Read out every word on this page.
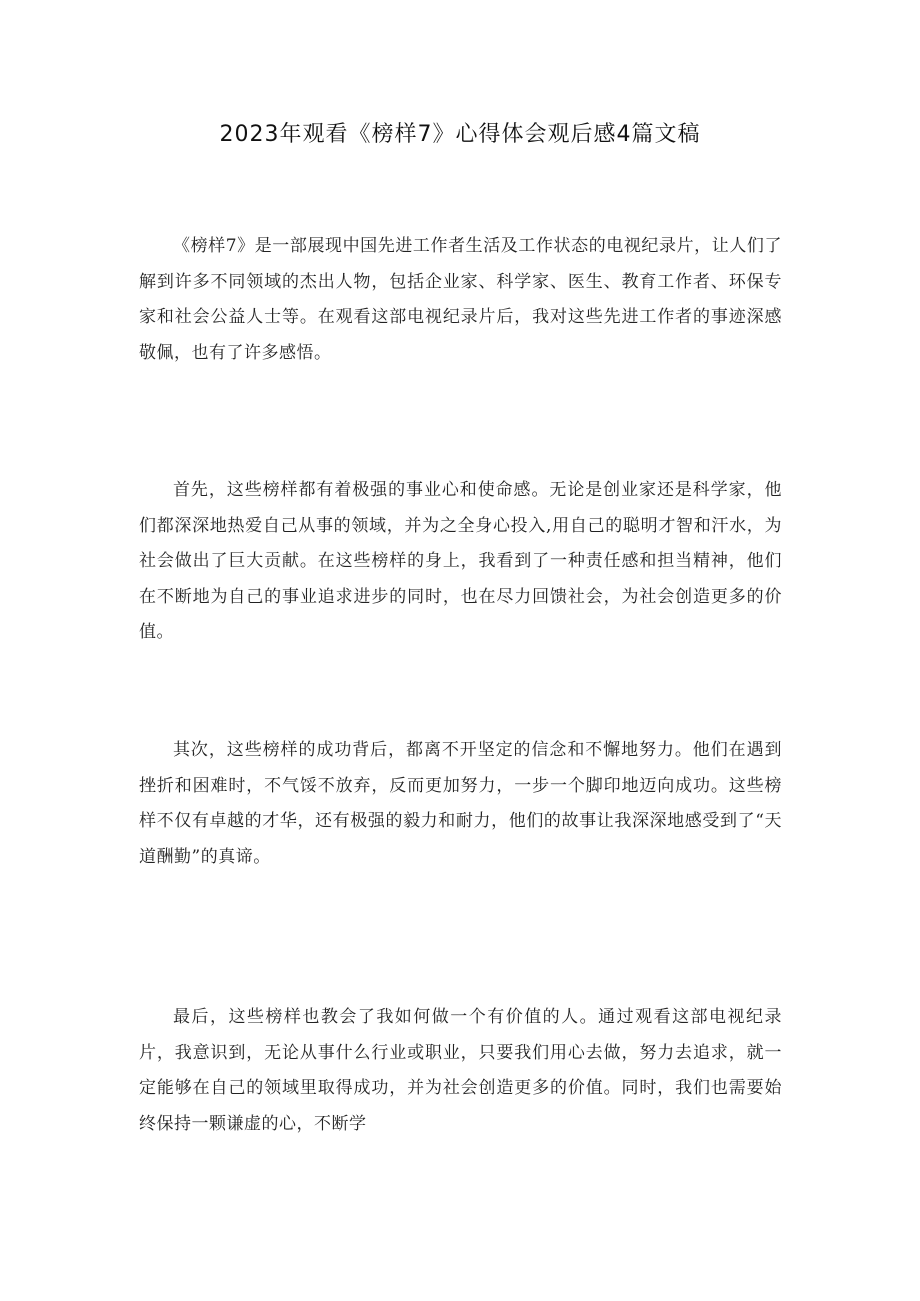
2023年观看《榜样7》心得体会观后感4篇文稿

《榜样7》是一部展现中国先进工作者生活及工作状态的电视纪录片，让人们了解到许多不同领域的杰出人物，包括企业家、科学家、医生、教育工作者、环保专家和社会公益人士等。在观看这部电视纪录片后，我对这些先进工作者的事迹深感敬佩，也有了许多感悟。

首先，这些榜样都有着极强的事业心和使命感。无论是创业家还是科学家，他们都深深地热爱自己从事的领域，并为之全身心投入,用自己的聪明才智和汗水，为社会做出了巨大贡献。在这些榜样的身上，我看到了一种责任感和担当精神，他们在不断地为自己的事业追求进步的同时，也在尽力回馈社会，为社会创造更多的价值。

其次，这些榜样的成功背后，都离不开坚定的信念和不懈地努力。他们在遇到挫折和困难时，不气馁不放弃，反而更加努力，一步一个脚印地迈向成功。这些榜样不仅有卓越的才华，还有极强的毅力和耐力，他们的故事让我深深地感受到了“天道酬勤”的真谛。

最后，这些榜样也教会了我如何做一个有价值的人。通过观看这部电视纪录片，我意识到，无论从事什么行业或职业，只要我们用心去做，努力去追求，就一定能够在自己的领域里取得成功，并为社会创造更多的价值。同时，我们也需要始终保持一颗谦虚的心，不断学
